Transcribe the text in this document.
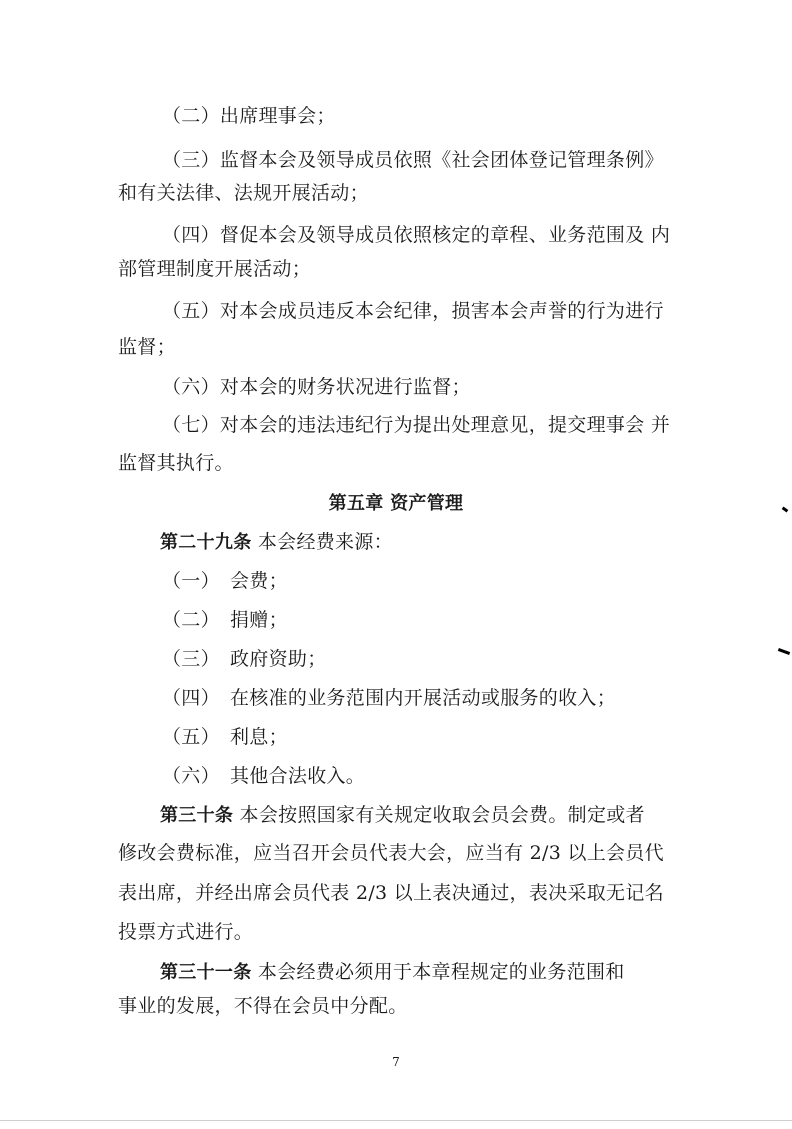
（二）出席理事会；
（三）监督本会及领导成员依照《社会团体登记管理条例》
和有关法律、法规开展活动；
（四）督促本会及领导成员依照核定的章程、业务范围及 内
部管理制度开展活动；
（五）对本会成员违反本会纪律，损害本会声誉的行为进行
监督；
（六）对本会的财务状况进行监督；
（七）对本会的违法违纪行为提出处理意见，提交理事会 并
监督其执行。
第五章 资产管理
第二十九条 本会经费来源：
（一） 会费；
（二） 捐赠；
（三） 政府资助；
（四） 在核准的业务范围内开展活动或服务的收入；
（五） 利息；
（六） 其他合法收入。
第三十条 本会按照国家有关规定收取会员会费。制定或者
修改会费标准，应当召开会员代表大会，应当有 2/3 以上会员代
表出席，并经出席会员代表 2/3 以上表决通过，表决采取无记名
投票方式进行。
第三十一条 本会经费必须用于本章程规定的业务范围和
事业的发展，不得在会员中分配。
7
